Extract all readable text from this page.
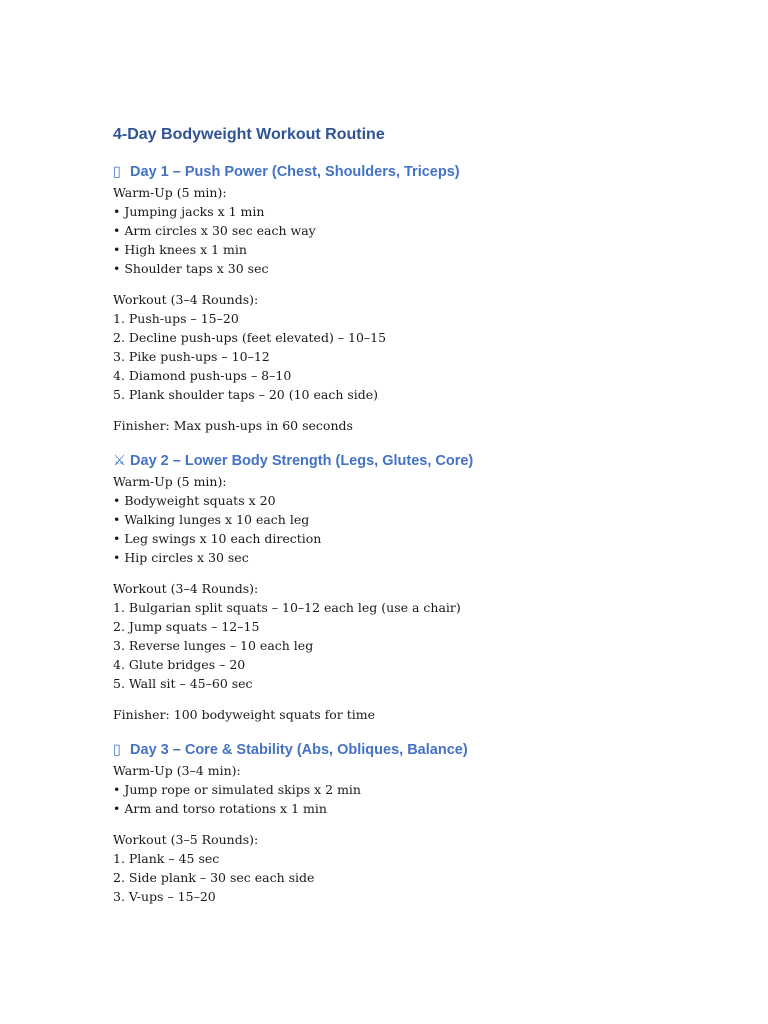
4-Day Bodyweight Workout Routine
▯ Day 1 – Push Power (Chest, Shoulders, Triceps)

Warm-Up (5 min):

• Jumping jacks x 1 min

• Arm circles x 30 sec each way

• High knees x 1 min

• Shoulder taps x 30 sec

Workout (3–4 Rounds):

1. Push-ups – 15–20

2. Decline push-ups (feet elevated) – 10–15

3. Pike push-ups – 10–12

4. Diamond push-ups – 8–10

5. Plank shoulder taps – 20 (10 each side)

Finisher: Max push-ups in 60 seconds

⚔ Day 2 – Lower Body Strength (Legs, Glutes, Core)

Warm-Up (5 min):

• Bodyweight squats x 20

• Walking lunges x 10 each leg

• Leg swings x 10 each direction

• Hip circles x 30 sec

Workout (3–4 Rounds):

1. Bulgarian split squats – 10–12 each leg (use a chair)

2. Jump squats – 12–15

3. Reverse lunges – 10 each leg

4. Glute bridges – 20

5. Wall sit – 45–60 sec

Finisher: 100 bodyweight squats for time

▯ Day 3 – Core & Stability (Abs, Obliques, Balance)

Warm-Up (3–4 min):

• Jump rope or simulated skips x 2 min

• Arm and torso rotations x 1 min

Workout (3–5 Rounds):

1. Plank – 45 sec

2. Side plank – 30 sec each side

3. V-ups – 15–20
